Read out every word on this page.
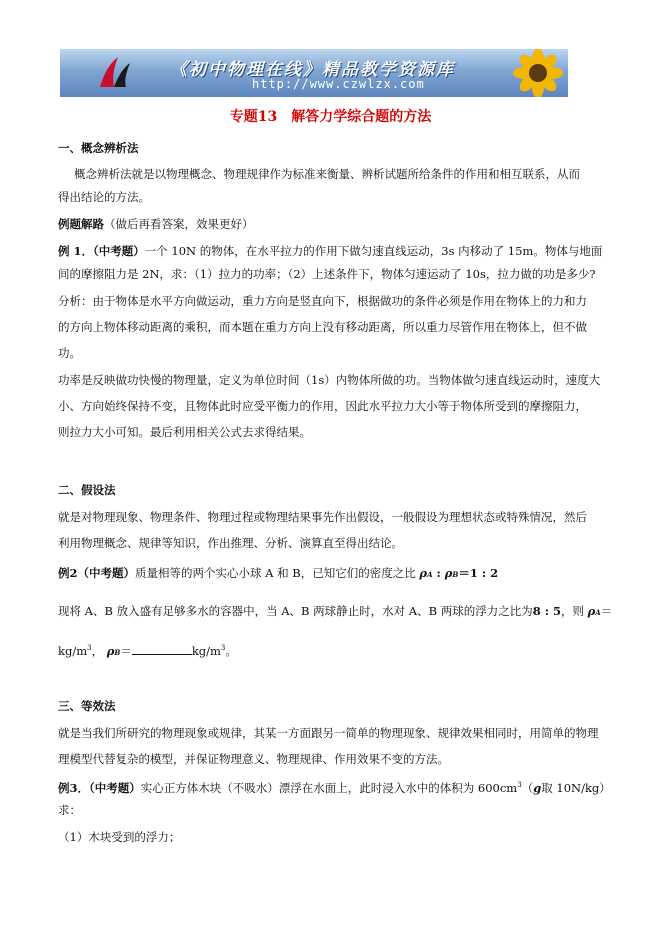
《初中物理在线》精品教学资源库
http://www.czwlzx.com
专题13　解答力学综合题的方法
一、概念辨析法
概念辨析法就是以物理概念、物理规律作为标准来衡量、辨析试题所给条件的作用和相互联系，从而
得出结论的方法。
例题解路（做后再看答案，效果更好）
例 1．（中考题）一个 10N 的物体，在水平拉力的作用下做匀速直线运动，3s 内移动了 15m。物体与地面
间的摩擦阻力是 2N，求：（1）拉力的功率；（2）上述条件下，物体匀速运动了 10s，拉力做的功是多少?
分析：由于物体是水平方向做运动，重力方向是竖直向下，根据做功的条件必须是作用在物体上的力和力
的方向上物体移动距离的乘积，而本题在重力方向上没有移动距离，所以重力尽管作用在物体上，但不做
功。
功率是反映做功快慢的物理量，定义为单位时间（1s）内物体所做的功。当物体做匀速直线运动时，速度大
小、方向始终保持不变，且物体此时应受平衡力的作用，因此水平拉力大小等于物体所受到的摩擦阻力，
则拉力大小可知。最后利用相关公式去求得结果。
二、假设法
就是对物理现象、物理条件、物理过程或物理结果事先作出假设，一般假设为理想状态或特殊情况，然后
利用物理概念、规律等知识，作出推理、分析、演算直至得出结论。
例2（中考题）质量相等的两个实心小球 A 和 B，已知它们的密度之比 ρA : ρB＝1 : 2
现将 A、B 放入盛有足够多水的容器中，当 A、B 两球静止时，水对 A、B 两球的浮力之比为8 : 5，则 ρA＝
$kg/m^3$， ρB＝	$kg/m^3$。
三、等效法
就是当我们所研究的物理现象或规律，其某一方面跟另一简单的物理现象、规律效果相同时，用简单的物理
理模型代替复杂的模型，并保证物理意义、物理规律、作用效果不变的方法。
例3．（中考题）实心正方体木块（不吸水）漂浮在水面上，此时浸入水中的体积为 $600cm^3(g$取 10N/kg）
求：
（1）木块受到的浮力；
